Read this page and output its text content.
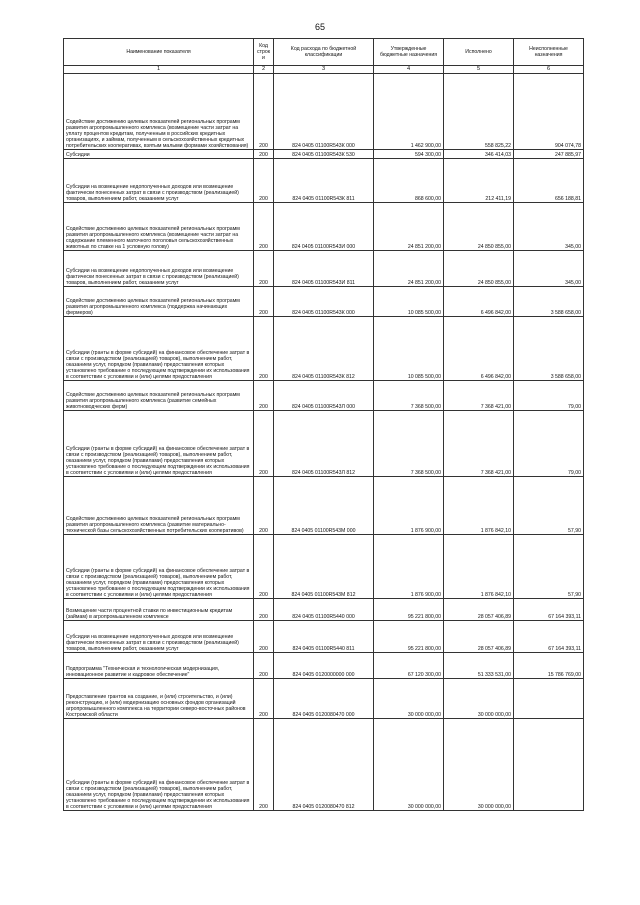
65
Наименование показателя	Код строк и	Код расхода по бюджетной классификации	Утвержденные бюджетные назначения	Исполнено	Неисполненные назначения
1	2	3	4	5	6
Содействие достижению целевых показателей региональных программ развития агропромышленного комплекса (возмещение части затрат на уплату процентов кредитам, полученным в российских кредитных организациях, и займам, полученным в сельскохозяйственных кредитных потребительских кооперативах, взятым малыми формами хозяйствования)	200	824 0405 01100R543К 000	1 462 900,00	558 825,22	904 074,78
Субсидии	200	824 0405 01100R543К 530	594 300,00	346 414,03	247 885,97
Субсидии на возмещение недополученных доходов или возмещение фактически понесенных затрат в связи с производством (реализацией) товаров, выполнением работ, оказанием услуг	200	824 0405 01100R543К 811	868 600,00	212 411,19	656 188,81
Содействие достижению целевых показателей региональных программ развития агропромышленного комплекса (возмещение части затрат на содержание племенного маточного поголовья сельскохозяйственных животных по ставке на 1 условную голову)	200	824 0405 01100R543И 000	24 851 200,00	24 850 855,00	345,00
Субсидии на возмещение недополученных доходов или возмещение фактически понесенных затрат в связи с производством (реализацией) товаров, выполнением работ, оказанием услуг	200	824 0405 01100R543И 811	24 851 200,00	24 850 855,00	345,00
Содействие достижению целевых показателей региональных программ развития агропромышленного комплекса (поддержка начинающих фермеров)	200	824 0405 01100R543К 000	10 085 500,00	6 496 842,00	3 588 658,00
Субсидии (гранты в форме субсидий) на финансовое обеспечение затрат в связи с производством (реализацией) товаров), выполнением работ, оказанием услуг, порядком (правилами) предоставления которых установлено требование о последующем подтверждении их использования в соответствии с условиями и (или) целями предоставления	200	824 0405 01100R543К 812	10 085 500,00	6 496 842,00	3 588 658,00
Содействие достижению целевых показателей региональных программ развития агропромышленного комплекса (развитие семейных животноводческих ферм)	200	824 0405 01100R543Л 000	7 368 500,00	7 368 421,00	79,00
Субсидии (гранты в форме субсидий) на финансовое обеспечение затрат в связи с производством (реализацией) товаров), выполнением работ, оказанием услуг, порядком (правилами) предоставления которых установлено требование о последующем подтверждении их использования в соответствии с условиями и (или) целями предоставления	200	824 0405 01100R543Л 812	7 368 500,00	7 368 421,00	79,00
Содействие достижению целевых показателей региональных программ развития агропромышленного комплекса (развитие материально-технической базы сельскохозяйственных потребительских кооперативов)	200	824 0405 01100R543М 000	1 876 900,00	1 876 842,10	57,90
Субсидии (гранты в форме субсидий) на финансовое обеспечение затрат в связи с производством (реализацией) товаров), выполнением работ, оказанием услуг, порядком (правилами) предоставления которых установлено требование о последующем подтверждении их использования в соответствии с условиями и (или) целями предоставления	200	824 0405 01100R543М 812	1 876 900,00	1 876 842,10	57,90
Возмещение части процентной ставки по инвестиционным кредитам (займам) в агропромышленном комплексе	200	824 0405 01100R5440 000	95 221 800,00	28 057 406,89	67 164 393,11
Субсидии на возмещение недополученных доходов или возмещение фактически понесенных затрат в связи с производством (реализацией) товаров, выполнением работ, оказанием услуг	200	824 0405 01100R5440 811	95 221 800,00	28 057 406,89	67 164 393,11
Подпрограмма "Техническая и технологическая модернизация, инновационное развитие и кадровое обеспечение"	200	824 0405 0120000000 000	67 120 300,00	51 333 531,00	15 786 769,00
Предоставление грантов на создание, и (или) строительство, и (или) реконструкцию, и (или) модернизацию основных фондов организаций агропромышленного комплекса на территории северо-восточных районов Костромской области	200	824 0405 0120080470 000	30 000 000,00	30 000 000,00	
Субсидии (гранты в форме субсидий) на финансовое обеспечение затрат в связи с производством (реализацией) товаров), выполнением работ, оказанием услуг, порядком (правилами) предоставления которых установлено требование о последующем подтверждении их использования в соответствии с условиями и (или) целями предоставления	200	824 0405 0120080470 812	30 000 000,00	30 000 000,00	
